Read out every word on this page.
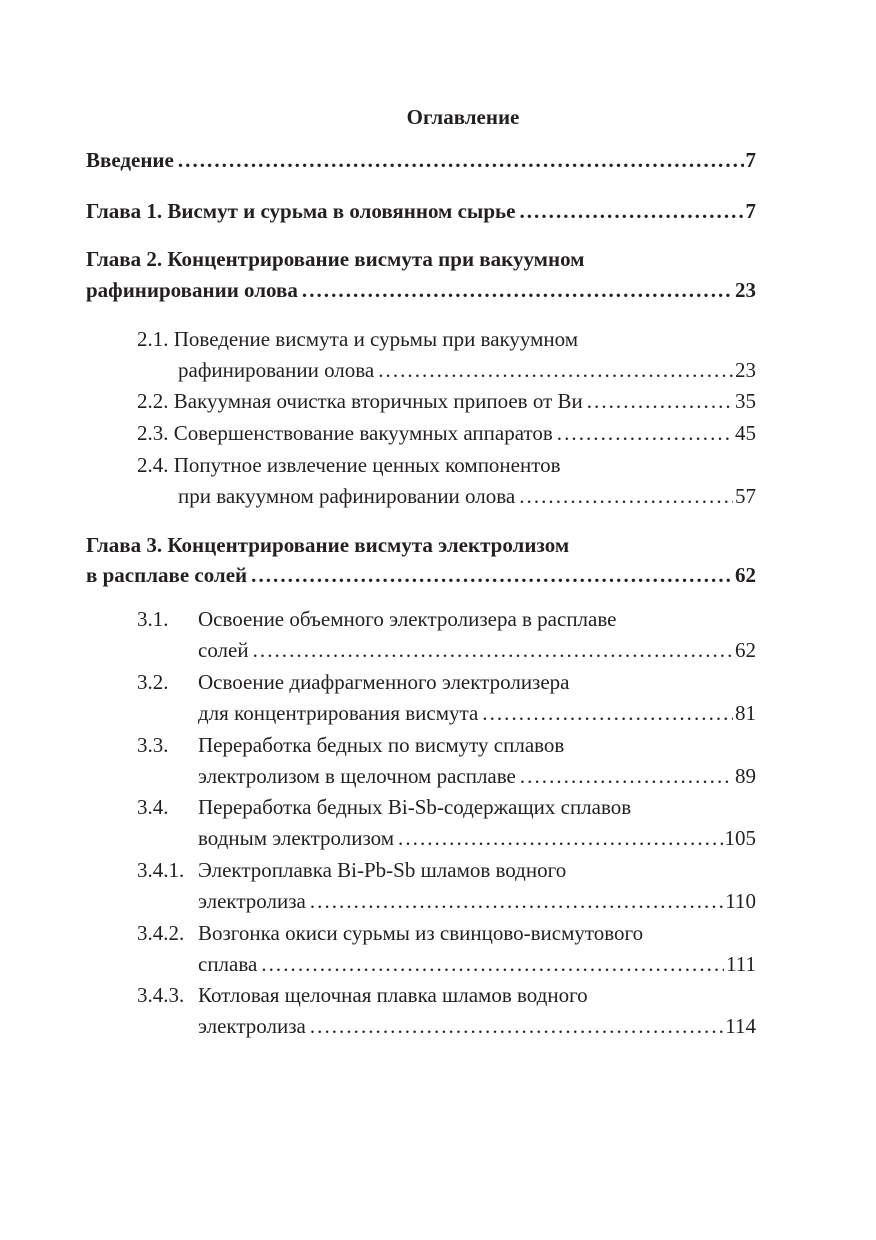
Оглавление
Введение . . .	7
Глава 1. Висмут и сурьма в оловянном сырье . . .	7
Глава 2. Концентрирование висмута при вакуумном
рафинировании олова . . .	23
2.1.
Поведение висмута и сурьмы при вакуумном
рафинировании олова . . .	23
2.2.
Вакуумная очистка вторичных припоев от Ви . . .	35
2.3.
Совершенствование вакуумных аппаратов . . .	45
2.4.
Попутное извлечение ценных компонентов
при вакуумном рафинировании олова . . .	57
Глава 3. Концентрирование висмута электролизом
в расплаве солей . . .	62
3.1.	Освоение объемного электролизера в расплаве
солей . . .	62
3.2.	Освоение диафрагменного электролизера
для концентрирования висмута . . .	81
3.3.	Переработка бедных по висмуту сплавов
электролизом в щелочном расплаве . . .	89
3.4.	Переработка бедных Bi-Sb-содержащих сплавов
водным электролизом . . .	105
3.4.1. Электроплавка Bi-Pb-Sb шламов водного
электролиза . . .	110
3.4.2. Возгонка окиси сурьмы из свинцово-висмутового
сплава . . .	111
3.4.3. Котловая щелочная плавка шламов водного
электролиза . . .	114
